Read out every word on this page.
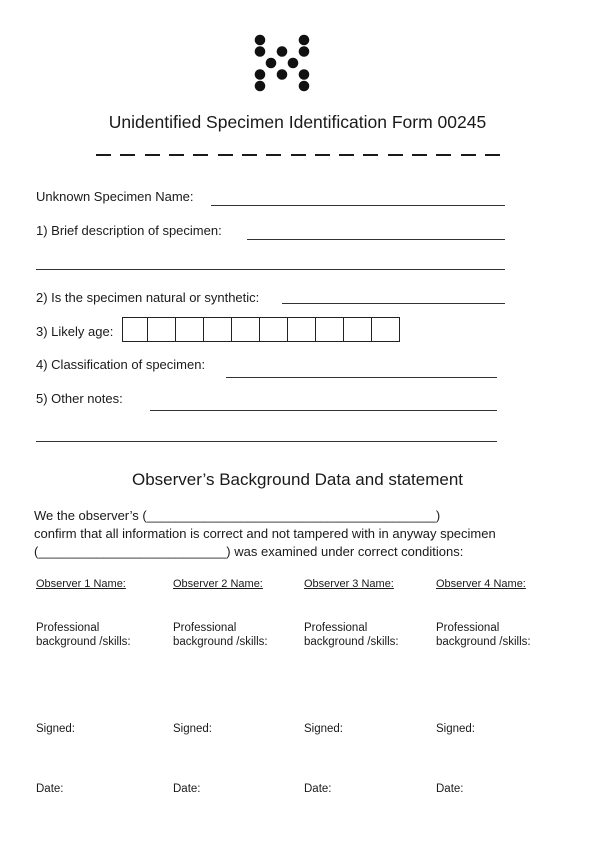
Unidentified Specimen Identification Form 00245
Unknown Specimen Name:
1) Brief description of specimen:
2) Is the specimen natural or synthetic:
3) Likely age:
4) Classification of specimen:
5) Other notes:
Observer’s Background Data and statement
We the observer’s (________________________________________)
confirm that all information is correct and not tampered with in anyway specimen
(__________________________) was examined under correct conditions:
Observer 1 Name:
Professional
background /skills:
Signed:
Date:
Observer 2 Name:
Professional
background /skills:
Signed:
Date:
Observer 3 Name:
Professional
background /skills:
Signed:
Date:
Observer 4 Name:
Professional
background /skills:
Signed:
Date:
